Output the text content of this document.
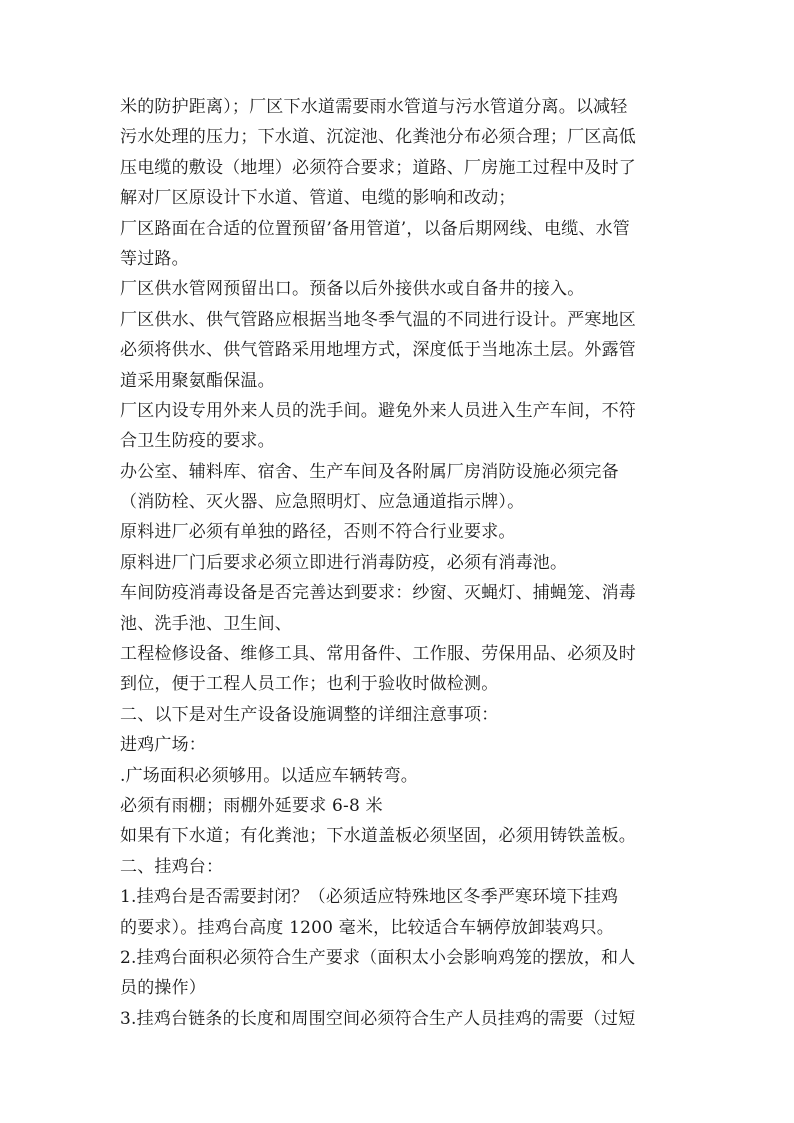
米的防护距离）；厂区下水道需要雨水管道与污水管道分离。以减轻
污水处理的压力；下水道、沉淀池、化粪池分布必须合理；厂区高低
压电缆的敷设（地埋）必须符合要求；道路、厂房施工过程中及时了
解对厂区原设计下水道、管道、电缆的影响和改动；
厂区路面在合适的位置预留’备用管道’，以备后期网线、电缆、水管
等过路。
厂区供水管网预留出口。预备以后外接供水或自备井的接入。
厂区供水、供气管路应根据当地冬季气温的不同进行设计。严寒地区
必须将供水、供气管路采用地埋方式，深度低于当地冻土层。外露管
道采用聚氨酯保温。
厂区内设专用外来人员的洗手间。避免外来人员进入生产车间，不符
合卫生防疫的要求。
办公室、辅料库、宿舍、生产车间及各附属厂房消防设施必须完备
（消防栓、灭火器、应急照明灯、应急通道指示牌）。
原料进厂必须有单独的路径，否则不符合行业要求。
原料进厂门后要求必须立即进行消毒防疫，必须有消毒池。
车间防疫消毒设备是否完善达到要求：纱窗、灭蝇灯、捕蝇笼、消毒
池、洗手池、卫生间、
工程检修设备、维修工具、常用备件、工作服、劳保用品、必须及时
到位，便于工程人员工作；也利于验收时做检测。
二、以下是对生产设备设施调整的详细注意事项：
进鸡广场：
.广场面积必须够用。以适应车辆转弯。
必须有雨棚；雨棚外延要求 6-8 米
如果有下水道；有化粪池；下水道盖板必须坚固，必须用铸铁盖板。
二、挂鸡台：
1.挂鸡台是否需要封闭？（必须适应特殊地区冬季严寒环境下挂鸡
的要求）。挂鸡台高度 1200 毫米，比较适合车辆停放卸装鸡只。
2.挂鸡台面积必须符合生产要求（面积太小会影响鸡笼的摆放，和人
员的操作）
3.挂鸡台链条的长度和周围空间必须符合生产人员挂鸡的需要（过短
